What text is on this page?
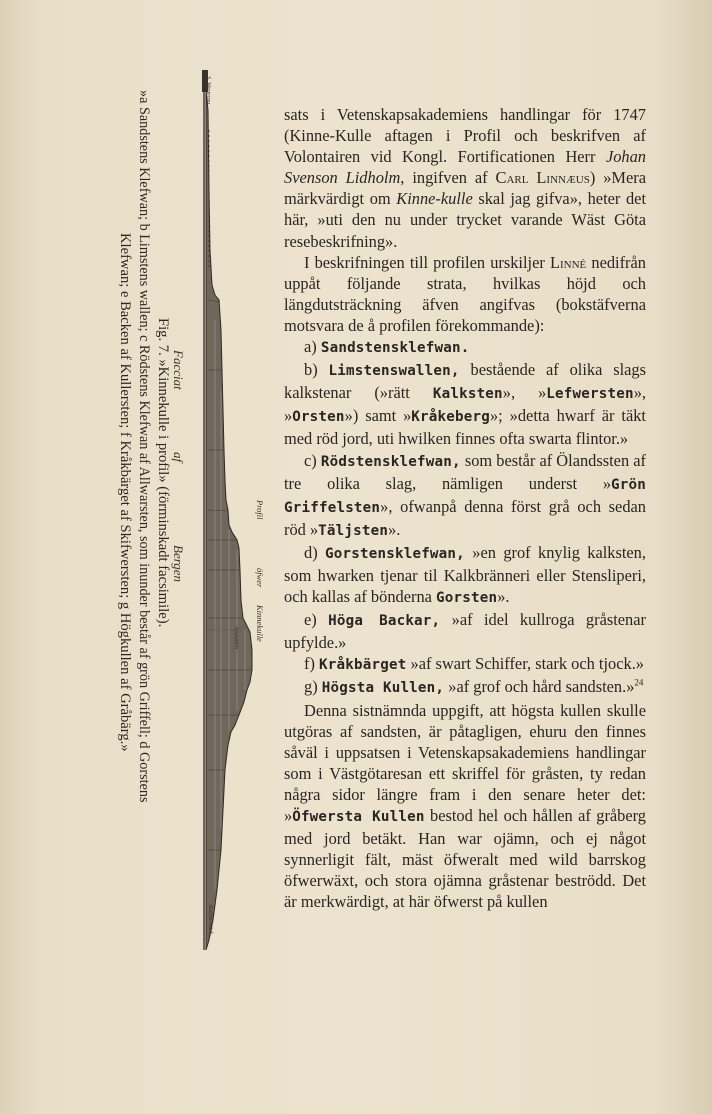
S. Westerna
Profil
öfwer
Kinnekulle
Jospatten
Kolfiä-märk.
Facciat
af
Bergen
Fig. 7. »Kinnekulle i profil» (förminskadt facsimile).
»a Sandstens Klefwan; b Limstens wallen; c Rödstens Klefwan af Allwarsten, som inunder består af grön Griffell; d Gorstens
Klefwan; e Backen af Kullersten; f Kråkbärget af Skifwersten; g Högkullen af Gråbärg.»

sats i Vetenskapsakademiens handlingar för 1747 (Kinne-Kulle aftagen i Profil och beskrifven af Volontairen vid Kongl. Fortificationen Herr Johan Svenson Lidholm, ingifven af Carl Linnæus) »Mera märkvärdigt om Kinne-kulle skal jag gifva», heter det här, »uti den nu under trycket varande Wäst Göta resebeskrifning».

I beskrifningen till profilen urskiljer Linné nedifrån uppåt följande strata, hvilkas höjd och längdutsträckning äfven angifvas (bokstäfverna motsvara de å profilen förekommande):

a) Sandstensklefwan.

b) Limstenswallen, bestående af olika slags kalkstenar (»rätt Kalksten», »Lefwersten», »Orsten») samt »Kråkeberg»; »detta hwarf är täkt med röd jord, uti hwilken finnes ofta swarta flintor.»

c) Rödstensklefwan, som består af Ölandssten af tre olika slag, nämligen underst »Grön Griffelsten», ofwanpå denna först grå och sedan röd »Täljsten».

d) Gorstensklefwan, »en grof knylig kalksten, som hwarken tjenar til Kalkbränneri eller Stensliperi, och kallas af bönderna Gorsten».

e) Höga Backar, »af idel kullroga gråstenar upfylde.»

f) Kråkbärget »af swart Schiffer, stark och tjock.»

g) Högsta Kullen, »af grof och hård sandsten.»$^{24}$

Denna sistnämnda uppgift, att högsta kullen skulle utgöras af sandsten, är påtagligen, ehuru den finnes såväl i uppsatsen i Vetenskapsakademiens handlingar som i Västgötaresan ett skriffel för gråsten, ty redan några sidor längre fram i den senare heter det: »Öfwersta Kullen bestod hel och hållen af gråberg med jord betäkt. Han war ojämn, och ej något synnerligit fält, mäst öfweralt med wild barrskog öfwerwäxt, och stora ojämna gråstenar beströdd. Det är merkwärdigt, at här öfwerst på kullen
